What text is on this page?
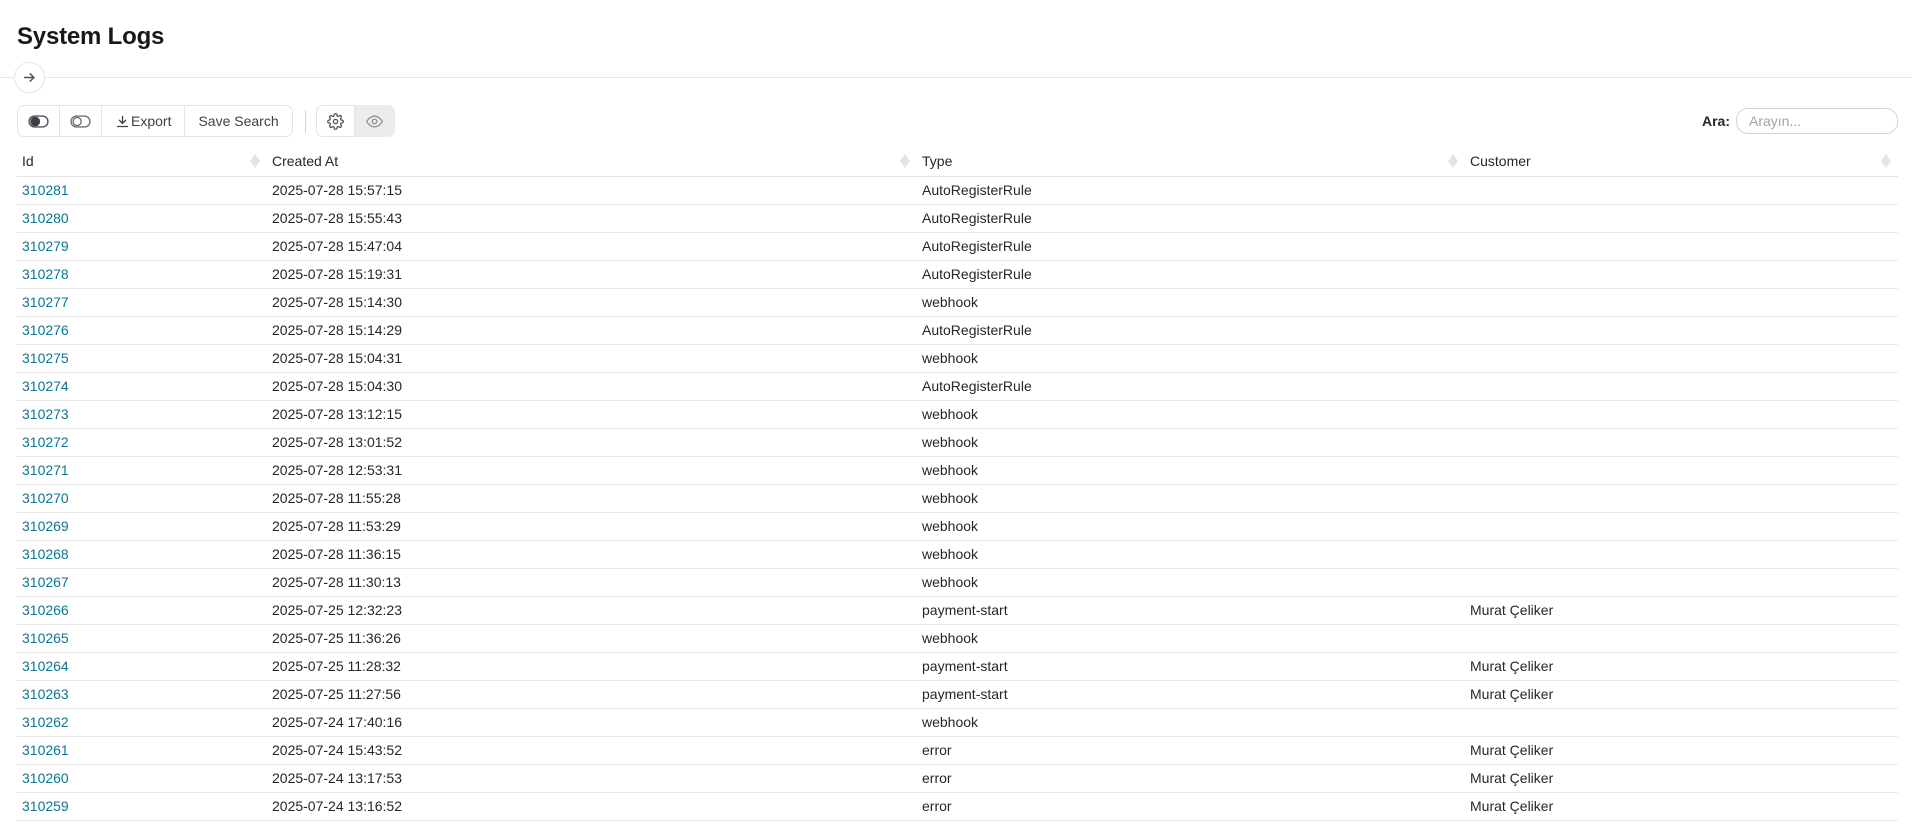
System Logs
Export Save Search	Ara:
Arayın...
Id	Created At	Type	Customer

310281	2025-07-28 15:57:15	AutoRegisterRule	
310280	2025-07-28 15:55:43	AutoRegisterRule	
310279	2025-07-28 15:47:04	AutoRegisterRule	
310278	2025-07-28 15:19:31	AutoRegisterRule	
310277	2025-07-28 15:14:30	webhook	
310276	2025-07-28 15:14:29	AutoRegisterRule	
310275	2025-07-28 15:04:31	webhook	
310274	2025-07-28 15:04:30	AutoRegisterRule	
310273	2025-07-28 13:12:15	webhook	
310272	2025-07-28 13:01:52	webhook	
310271	2025-07-28 12:53:31	webhook	
310270	2025-07-28 11:55:28	webhook	
310269	2025-07-28 11:53:29	webhook	
310268	2025-07-28 11:36:15	webhook	
310267	2025-07-28 11:30:13	webhook	
310266	2025-07-25 12:32:23	payment-start	Murat Çeliker
310265	2025-07-25 11:36:26	webhook	
310264	2025-07-25 11:28:32	payment-start	Murat Çeliker
310263	2025-07-25 11:27:56	payment-start	Murat Çeliker
310262	2025-07-24 17:40:16	webhook	
310261	2025-07-24 15:43:52	error	Murat Çeliker
310260	2025-07-24 13:17:53	error	Murat Çeliker
310259	2025-07-24 13:16:52	error	Murat Çeliker
